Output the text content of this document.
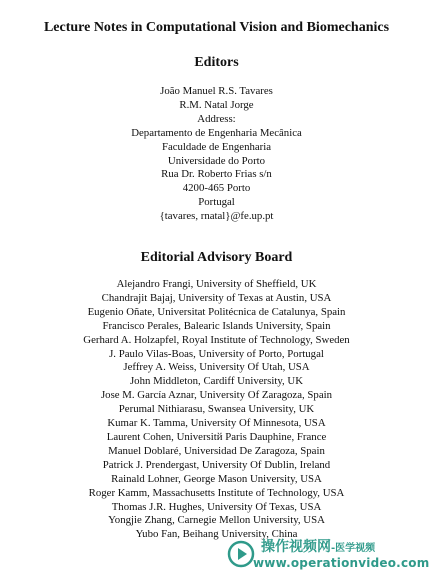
Lecture Notes in Computational Vision and Biomechanics
Editors
João Manuel R.S. Tavares
R.M. Natal Jorge
Address:
Departamento de Engenharia Mecânica
Faculdade de Engenharia
Universidade do Porto
Rua Dr. Roberto Frias s/n
4200-465 Porto
Portugal
{tavares, rnatal}@fe.up.pt
Editorial Advisory Board
Alejandro Frangi, University of Sheffield, UK
Chandrajit Bajaj, University of Texas at Austin, USA
Eugenio Oñate, Universitat Politécnica de Catalunya, Spain
Francisco Perales, Balearic Islands University, Spain
Gerhard A. Holzapfel, Royal Institute of Technology, Sweden
J. Paulo Vilas-Boas, University of Porto, Portugal
Jeffrey A. Weiss, University Of Utah, USA
John Middleton, Cardiff University, UK
Jose M. García Aznar, University Of Zaragoza, Spain
Perumal Nithiarasu, Swansea University, UK
Kumar K. Tamma, University Of Minnesota, USA
Laurent Cohen, Universitй Paris Dauphine, France
Manuel Doblaré, Universidad De Zaragoza, Spain
Patrick J. Prendergast, University Of Dublin, Ireland
Rainald Lohner, George Mason University, USA
Roger Kamm, Massachusetts Institute of Technology, USA
Thomas J.R. Hughes, University Of Texas, USA
Yongjie Zhang, Carnegie Mellon University, USA
Yubo Fan, Beihang University, China
操作视频网-医学视频
www.operationvideo.com
